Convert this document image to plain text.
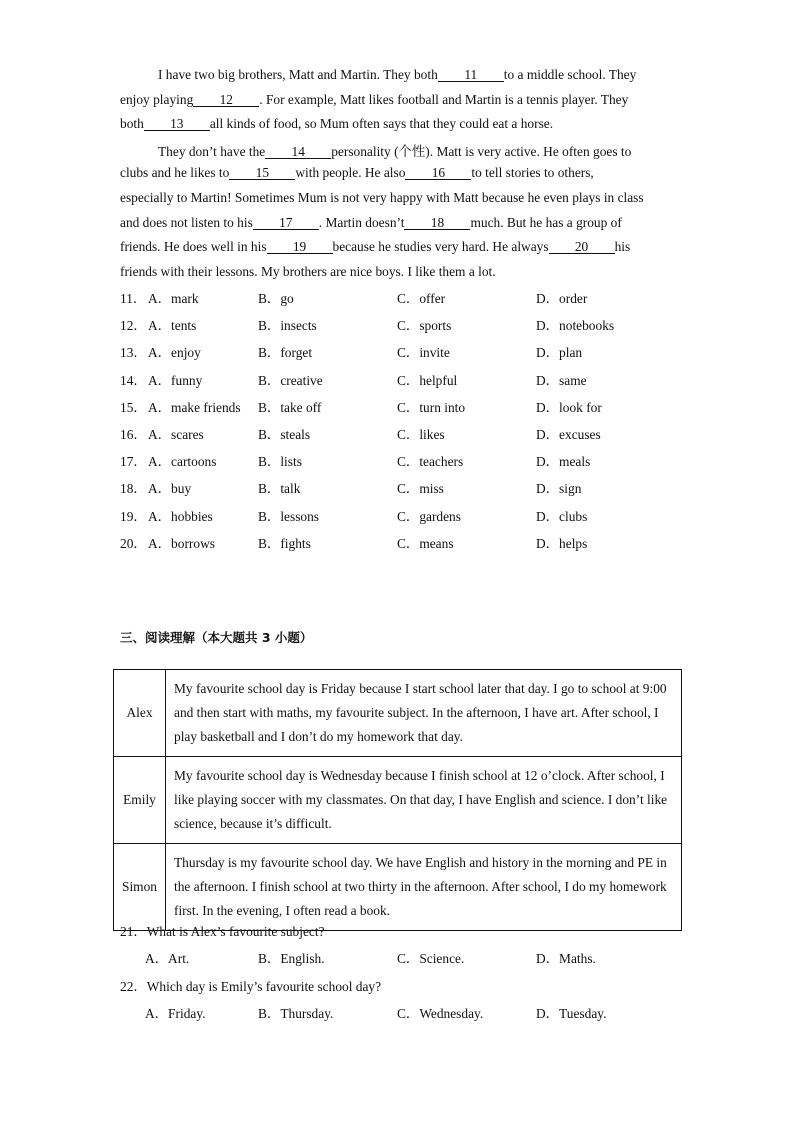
I have two big brothers, Matt and Martin. They both 11 to a middle school. They
enjoy playing 12 . For example, Matt likes football and Martin is a tennis player. They
both 13 all kinds of food, so Mum often says that they could eat a horse.
They don’t have the 14 personality (个性). Matt is very active. He often goes to
clubs and he likes to 15 with people. He also 16 to tell stories to others,
especially to Martin! Sometimes Mum is not very happy with Matt because he even plays in class
and does not listen to his 17 . Martin doesn’t 18 much. But he has a group of
friends. He does well in his 19 because he studies very hard. He always 20 his
friends with their lessons. My brothers are nice boys. I like them a lot.
11． A．mark	B．go	C．offer	D．order
12． A．tents	B．insects	C．sports	D．notebooks
13． A．enjoy	B．forget	C．invite	D．plan
14． A．funny	B．creative	C．helpful	D．same
15． A．make friends B．take off	C．turn into	D．look for
16． A．scares	B．steals	C．likes	D．excuses
17． A．cartoons	B．lists	C．teachers	D．meals
18． A．buy	B．talk	C．miss	D．sign
19． A．hobbies	B．lessons	C．gardens	D．clubs
20． A．borrows	B．fights	C．means	D．helps
三、阅读理解（本大题共 3 小题）
Alex	My favourite school day is Friday because I start school later that day. I go to school at 9:00 and then start with maths, my favourite subject. In the afternoon, I have art. After school, I play basketball and I don’t do my homework that day.
Emily	My favourite school day is Wednesday because I finish school at 12 o’clock. After school, I like playing soccer with my classmates. On that day, I have English and science. I don’t like science, because it’s difficult.
Simon	Thursday is my favourite school day. We have English and history in the morning and PE in the afternoon. I finish school at two thirty in the afternoon. After school, I do my homework first. In the evening, I often read a book.
21．What is Alex’s favourite subject?
A．Art.	B．English.	C．Science.	D．Maths.
22．Which day is Emily’s favourite school day?
A．Friday.	B．Thursday.	C．Wednesday.	D．Tuesday.
